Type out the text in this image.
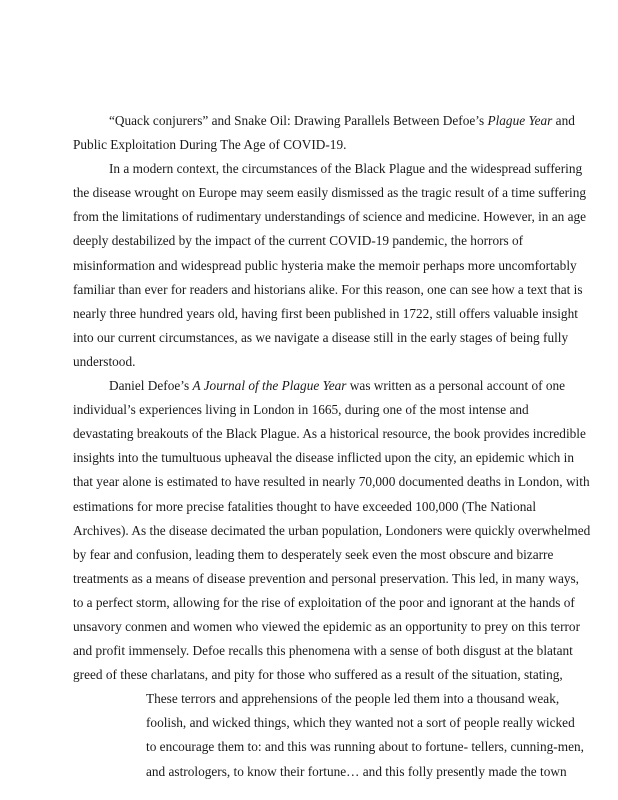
“Quack conjurers” and Snake Oil: Drawing Parallels Between Defoe’s Plague Year and
Public Exploitation During The Age of COVID-19.
In a modern context, the circumstances of the Black Plague and the widespread suffering
the disease wrought on Europe may seem easily dismissed as the tragic result of a time suffering
from the limitations of rudimentary understandings of science and medicine. However, in an age
deeply destabilized by the impact of the current COVID-19 pandemic, the horrors of
misinformation and widespread public hysteria make the memoir perhaps more uncomfortably
familiar than ever for readers and historians alike. For this reason, one can see how a text that is
nearly three hundred years old, having first been published in 1722, still offers valuable insight
into our current circumstances, as we navigate a disease still in the early stages of being fully
understood.
Daniel Defoe’s A Journal of the Plague Year was written as a personal account of one
individual’s experiences living in London in 1665, during one of the most intense and
devastating breakouts of the Black Plague. As a historical resource, the book provides incredible
insights into the tumultuous upheaval the disease inflicted upon the city, an epidemic which in
that year alone is estimated to have resulted in nearly 70,000 documented deaths in London, with
estimations for more precise fatalities thought to have exceeded 100,000 (The National
Archives). As the disease decimated the urban population, Londoners were quickly overwhelmed
by fear and confusion, leading them to desperately seek even the most obscure and bizarre
treatments as a means of disease prevention and personal preservation. This led, in many ways,
to a perfect storm, allowing for the rise of exploitation of the poor and ignorant at the hands of
unsavory conmen and women who viewed the epidemic as an opportunity to prey on this terror
and profit immensely. Defoe recalls this phenomena with a sense of both disgust at the blatant
greed of these charlatans, and pity for those who suffered as a result of the situation, stating,
These terrors and apprehensions of the people led them into a thousand weak,
foolish, and wicked things, which they wanted not a sort of people really wicked
to encourage them to: and this was running about to fortune- tellers, cunning-men,
and astrologers, to know their fortune… and this folly presently made the town
